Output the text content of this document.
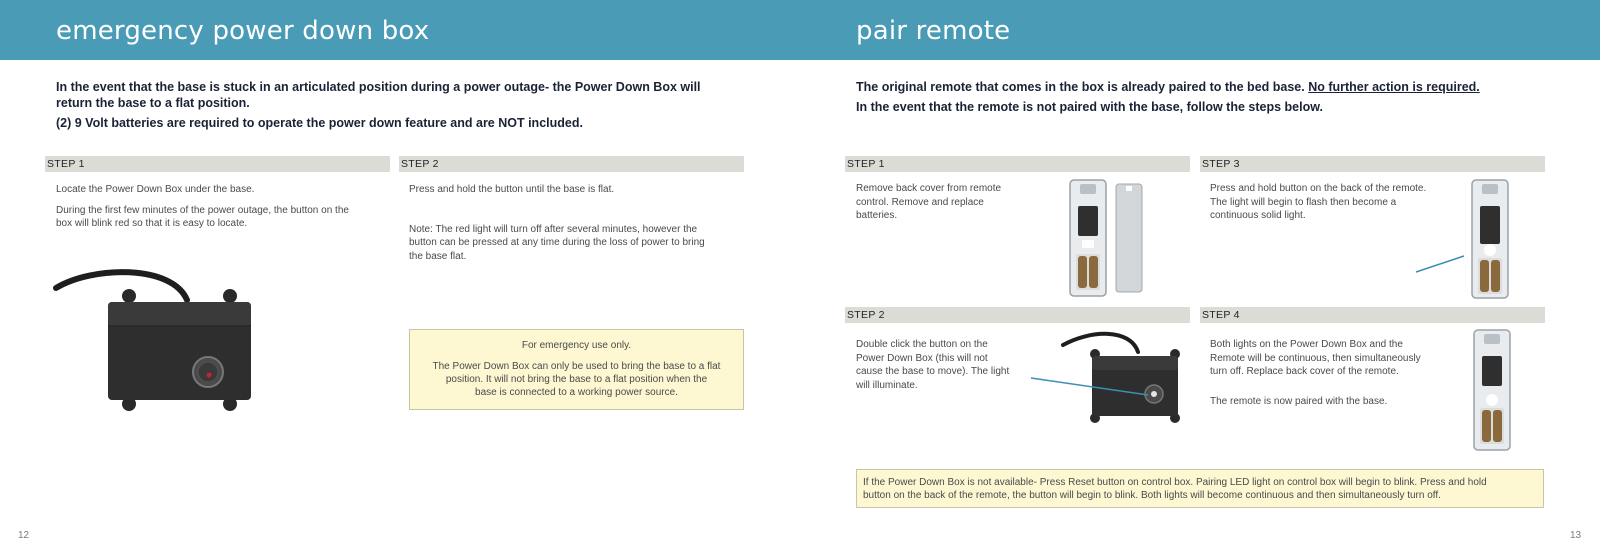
emergency power down box	pair remote
In the event that the base is stuck in an articulated position during a power outage- the Power Down Box will
return the base to a flat position.
(2) 9 Volt batteries are required to operate the power down feature and are NOT included.
STEP 1	STEP 2

Locate the Power Down Box under the base.

During the first few minutes of the power outage, the button on the
box will blink red so that it is easy to locate.
Press and hold the button until the base is flat.
Note: The red light will turn off after several minutes, however the
button can be pressed at any time during the loss of power to bring
the base flat.
For emergency use only.
The Power Down Box can only be used to bring the base to a flat
position. It will not bring the base to a flat position when the
base is connected to a working power source.
12
The original remote that comes in the box is already paired to the bed base. No further action is required.
In the event that the remote is not paired with the base, follow the steps below.
STEP 1	STEP 3
STEP 2	STEP 4
Remove back cover from remote
control. Remove and replace
batteries.
Press and hold button on the back of the remote.
The light will begin to flash then become a
continuous solid light.
Double click the button on the
Power Down Box (this will not
cause the base to move). The light
will illuminate.
Both lights on the Power Down Box and the
Remote will be continuous, then simultaneously
turn off. Replace back cover of the remote.
The remote is now paired with the base.
If the Power Down Box is not available- Press Reset button on control box. Pairing LED light on control box will begin to blink. Press and hold
button on the back of the remote, the button will begin to blink. Both lights will become continuous and then simultaneously turn off.
13
